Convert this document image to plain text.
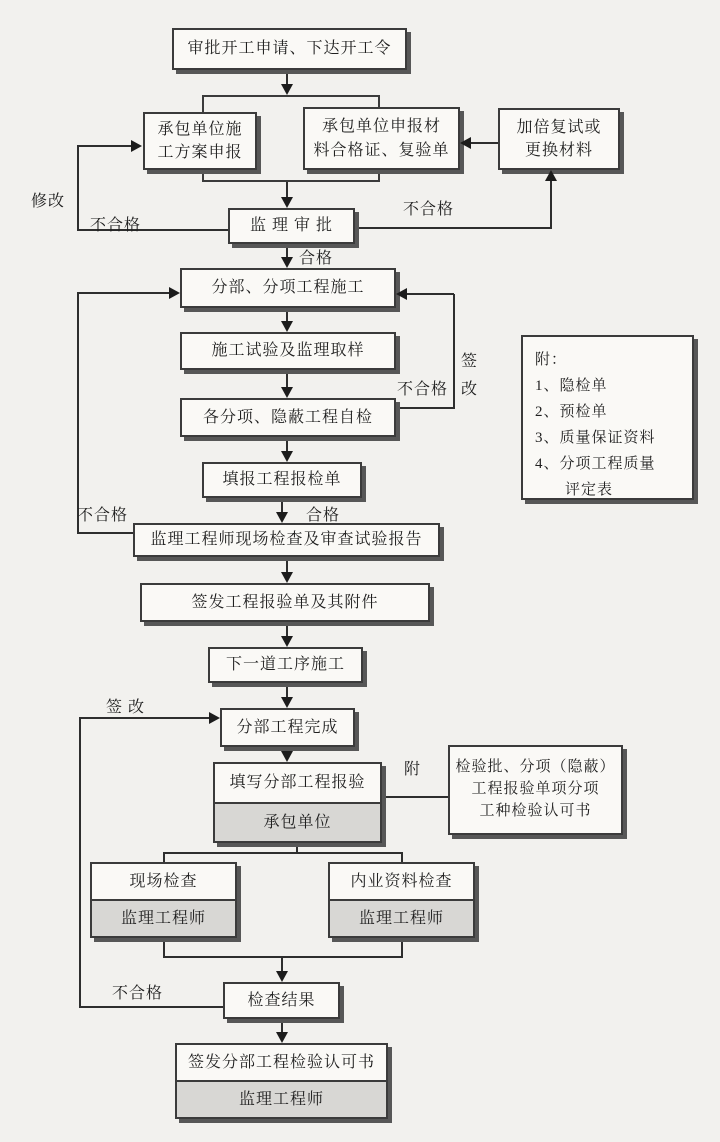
审批开工申请、下达开工令
承包单位施
工方案申报
承包单位申报材
料合格证、复验单
加倍复试或
更换材料
监 理 审 批
分部、分项工程施工
施工试验及监理取样
各分项、隐蔽工程自检
填报工程报检单
附：
1、隐检单
2、预检单
3、质量保证资料
4、分项工程质量
评定表
监理工程师现场检查及审查试验报告
签发工程报验单及其附件
下一道工序施工
分部工程完成
填写分部工程报验
承包单位
检验批、分项（隐蔽）
工程报验单项分项
工种检验认可书
现场检查
监理工程师
内业资料检查
监理工程师
检查结果
签发分部工程检验认可书
监理工程师
修改
不合格
不合格
合格
签
改
不合格
不合格	合格
签 改
附
不合格
